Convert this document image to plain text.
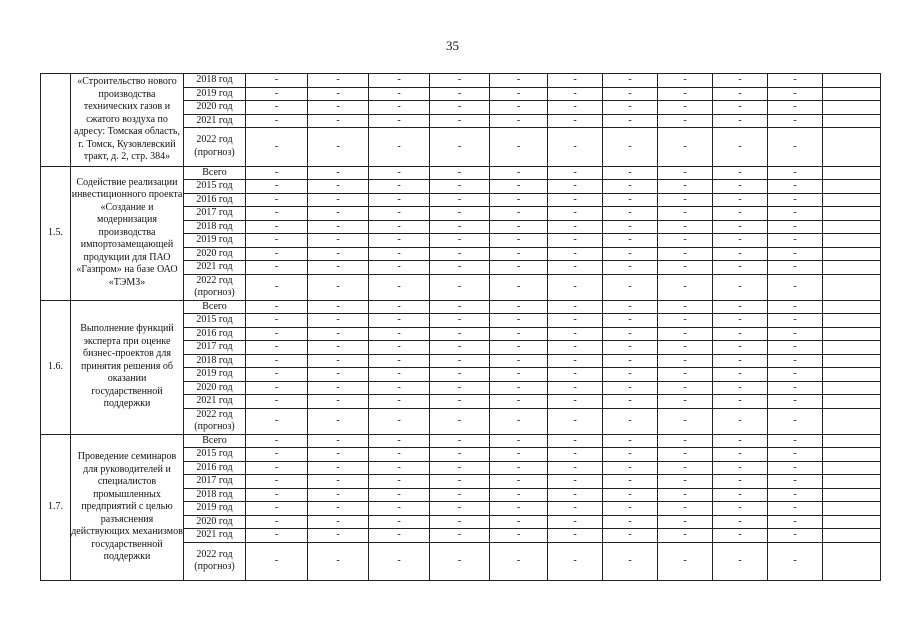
35
	«Строительство нового производства технических газов и сжатого воздуха по адресу: Томская область, г. Томск, Кузовлевский тракт, д. 2, стр. 384»	2018 год	-	-	-	-	-	-	-	-	-	-	
		2019 год	-	-	-	-	-	-	-	-	-	-	
		2020 год	-	-	-	-	-	-	-	-	-	-	
		2021 год	-	-	-	-	-	-	-	-	-	-	
		2022 год (прогноз)	-	-	-	-	-	-	-	-	-	-	
1.5.	Содействие реализации инвестиционного проекта «Создание и модернизация производства импортозамещающей продукции для ПАО «Газпром» на базе ОАО «ТЭМЗ»	Всего	-	-	-	-	-	-	-	-	-	-	
		2015 год	-	-	-	-	-	-	-	-	-	-	
		2016 год	-	-	-	-	-	-	-	-	-	-	
		2017 год	-	-	-	-	-	-	-	-	-	-	
		2018 год	-	-	-	-	-	-	-	-	-	-	
		2019 год	-	-	-	-	-	-	-	-	-	-	
		2020 год	-	-	-	-	-	-	-	-	-	-	
		2021 год	-	-	-	-	-	-	-	-	-	-	
		2022 год (прогноз)	-	-	-	-	-	-	-	-	-	-	
1.6.	Выполнение функций эксперта при оценке бизнес-проектов для принятия решения об оказании государственной поддержки	Всего	-	-	-	-	-	-	-	-	-	-	
		2015 год	-	-	-	-	-	-	-	-	-	-	
		2016 год	-	-	-	-	-	-	-	-	-	-	
		2017 год	-	-	-	-	-	-	-	-	-	-	
		2018 год	-	-	-	-	-	-	-	-	-	-	
		2019 год	-	-	-	-	-	-	-	-	-	-	
		2020 год	-	-	-	-	-	-	-	-	-	-	
		2021 год	-	-	-	-	-	-	-	-	-	-	
		2022 год (прогноз)	-	-	-	-	-	-	-	-	-	-	
1.7.	Проведение семинаров для руководителей и специалистов промышленных предприятий с целью разъяснения действующих механизмов государственной поддержки	Всего	-	-	-	-	-	-	-	-	-	-	
		2015 год	-	-	-	-	-	-	-	-	-	-	
		2016 год	-	-	-	-	-	-	-	-	-	-	
		2017 год	-	-	-	-	-	-	-	-	-	-	
		2018 год	-	-	-	-	-	-	-	-	-	-	
		2019 год	-	-	-	-	-	-	-	-	-	-	
		2020 год	-	-	-	-	-	-	-	-	-	-	
		2021 год	-	-	-	-	-	-	-	-	-	-	
		2022 год (прогноз)	-	-	-	-	-	-	-	-	-	-	
